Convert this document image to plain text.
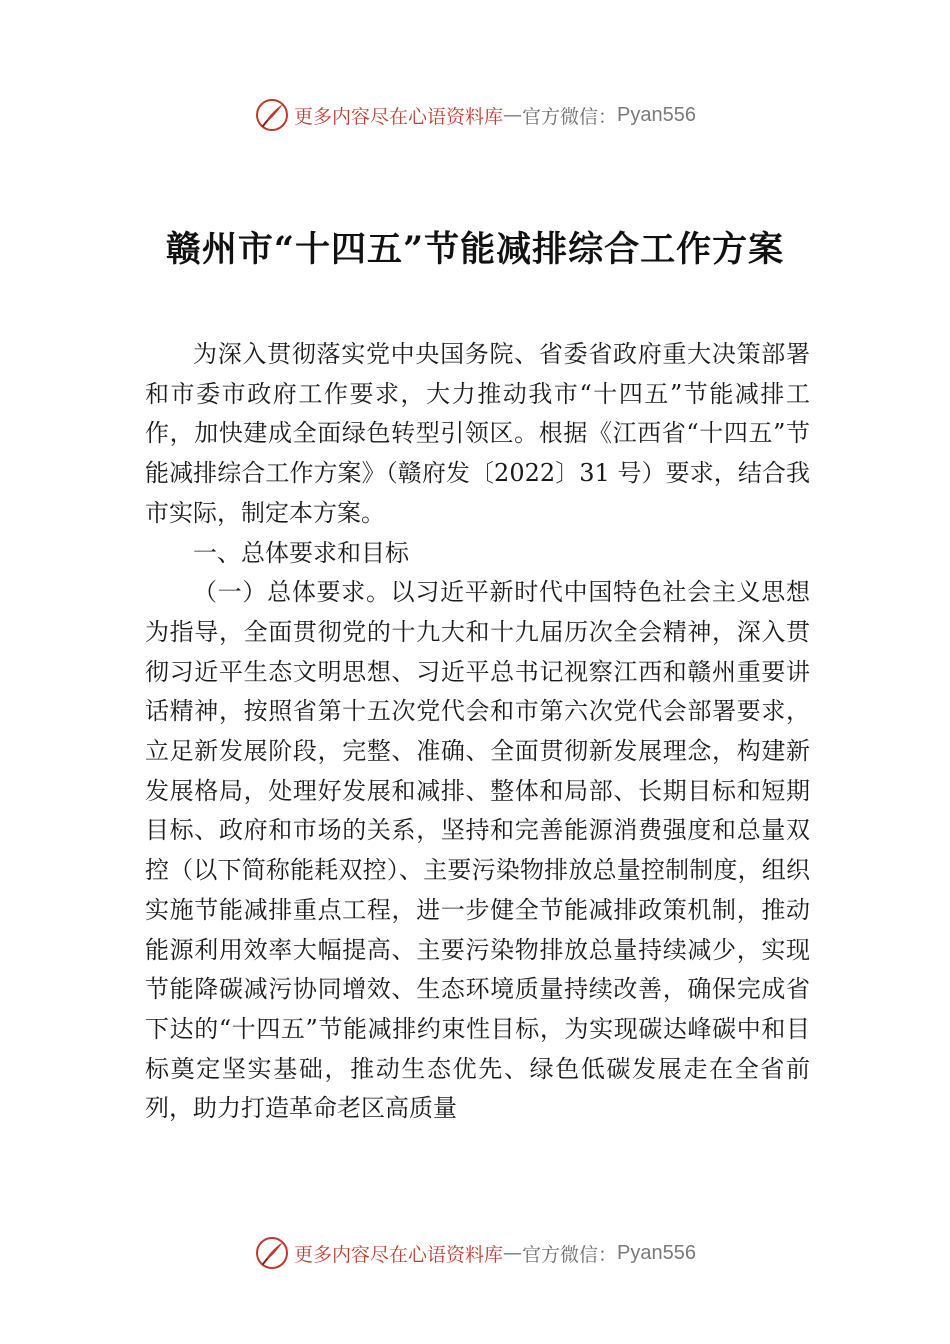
更多内容尽在心语资料库 — 官方微信： Pyan556
赣州市“十四五”节能减排综合工作方案

为深入贯彻落实党中央国务院、省委省政府重大决策部署和市委市政府工作要求，大力推动我市“十四五”节能减排工作，加快建成全面绿色转型引领区。根据《江西省“十四五”节能减排综合工作方案》（赣府发〔2022〕31 号）要求，结合我市实际，制定本方案。

一、总体要求和目标

（一）总体要求。以习近平新时代中国特色社会主义思想为指导，全面贯彻党的十九大和十九届历次全会精神，深入贯彻习近平生态文明思想、习近平总书记视察江西和赣州重要讲话精神，按照省第十五次党代会和市第六次党代会部署要求，立足新发展阶段，完整、准确、全面贯彻新发展理念，构建新发展格局，处理好发展和减排、整体和局部、长期目标和短期目标、政府和市场的关系，坚持和完善能源消费强度和总量双控（以下简称能耗双控）、主要污染物排放总量控制制度，组织实施节能减排重点工程，进一步健全节能减排政策机制，推动能源利用效率大幅提高、主要污染物排放总量持续减少，实现节能降碳减污协同增效、生态环境质量持续改善，确保完成省下达的“十四五”节能减排约束性目标，为实现碳达峰碳中和目标奠定坚实基础，推动生态优先、绿色低碳发展走在全省前列，助力打造革命老区高质量

更多内容尽在心语资料库 — 官方微信： Pyan556
